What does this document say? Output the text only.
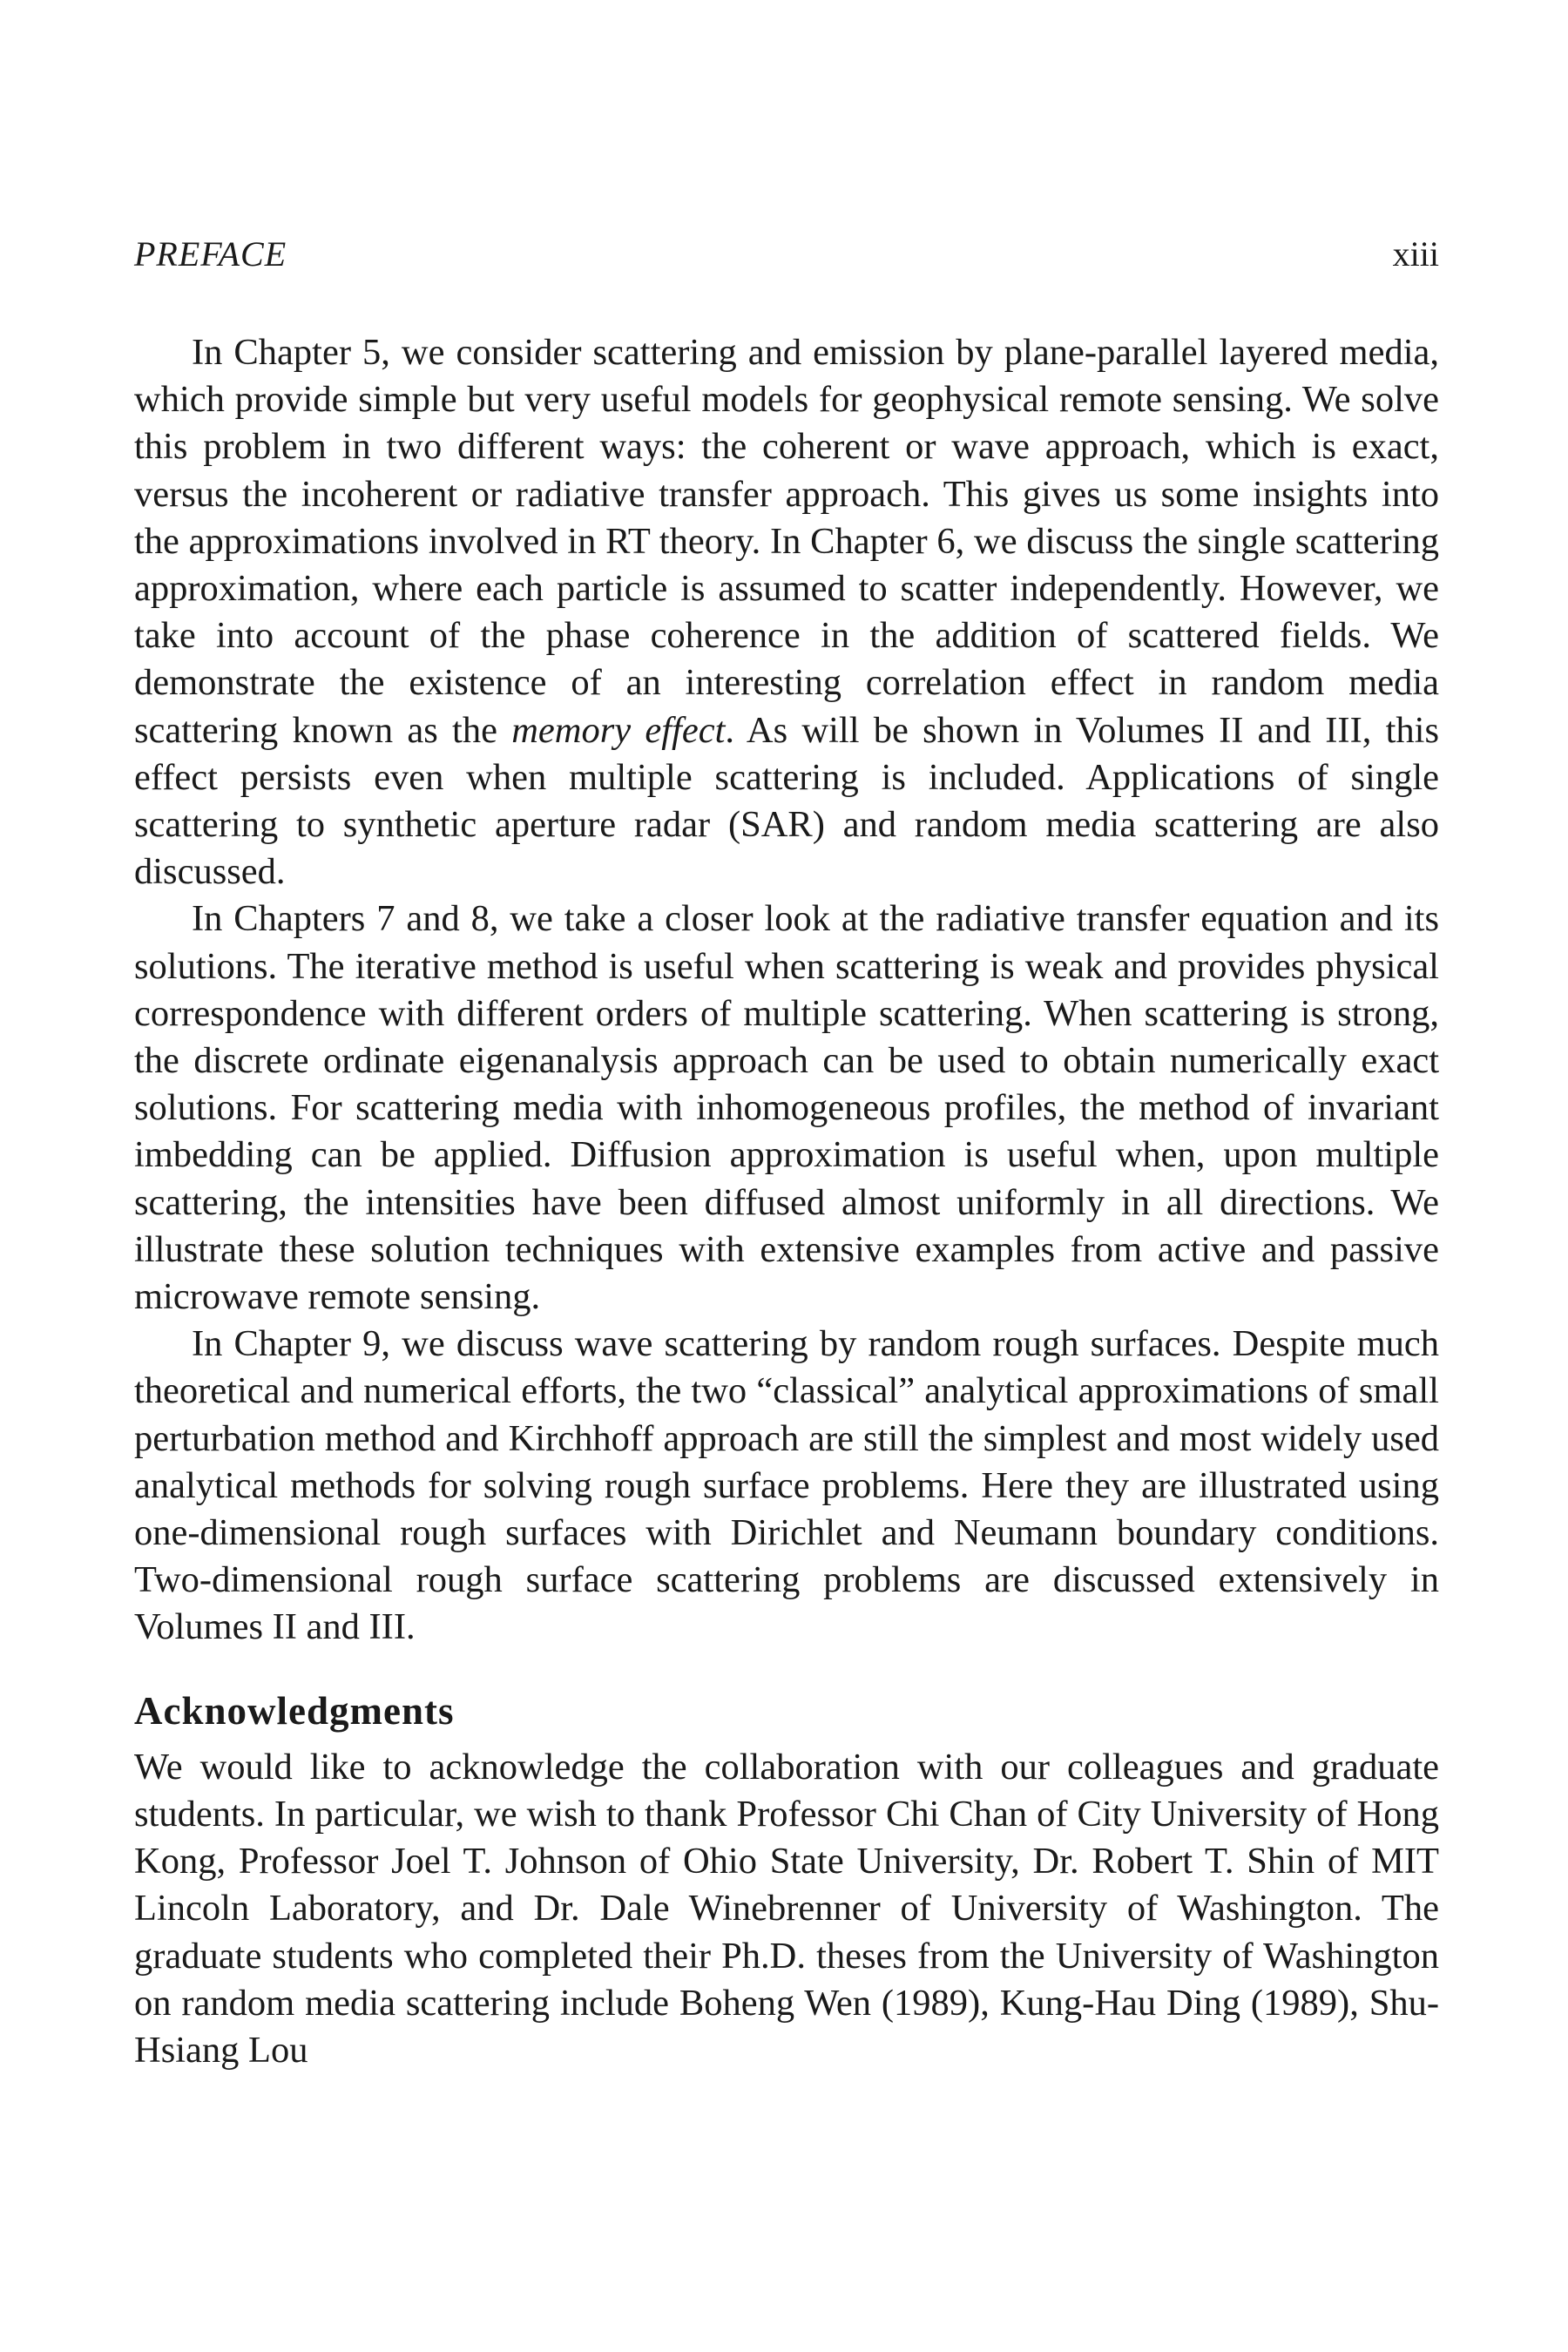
PREFACE	xiii

In Chapter 5, we consider scattering and emission by plane-parallel layered media, which provide simple but very useful models for geophysical remote sensing. We solve this problem in two different ways: the coherent or wave approach, which is exact, versus the incoherent or radiative transfer approach. This gives us some insights into the approximations involved in RT theory. In Chapter 6, we discuss the single scattering approximation, where each particle is assumed to scatter independently. However, we take into account of the phase coherence in the addition of scattered fields. We demonstrate the existence of an interesting correlation effect in random media scattering known as the memory effect. As will be shown in Volumes II and III, this effect persists even when multiple scattering is included. Applications of single scattering to synthetic aperture radar (SAR) and random media scattering are also discussed.

In Chapters 7 and 8, we take a closer look at the radiative transfer equation and its solutions. The iterative method is useful when scattering is weak and provides physical correspondence with different orders of multiple scattering. When scattering is strong, the discrete ordinate eigenanalysis approach can be used to obtain numerically exact solutions. For scattering media with inhomogeneous profiles, the method of invariant imbedding can be applied. Diffusion approximation is useful when, upon multiple scattering, the intensities have been diffused almost uniformly in all directions. We illustrate these solution techniques with extensive examples from active and passive microwave remote sensing.

In Chapter 9, we discuss wave scattering by random rough surfaces. Despite much theoretical and numerical efforts, the two “classical” analytical approximations of small perturbation method and Kirchhoff approach are still the simplest and most widely used analytical methods for solving rough surface problems. Here they are illustrated using one-dimensional rough surfaces with Dirichlet and Neumann boundary conditions. Two-dimensional rough surface scattering problems are discussed extensively in Volumes II and III.

Acknowledgments

We would like to acknowledge the collaboration with our colleagues and graduate students. In particular, we wish to thank Professor Chi Chan of City University of Hong Kong, Professor Joel T. Johnson of Ohio State University, Dr. Robert T. Shin of MIT Lincoln Laboratory, and Dr. Dale Winebrenner of University of Washington. The graduate students who completed their Ph.D. theses from the University of Washington on random media scattering include Boheng Wen (1989), Kung-Hau Ding (1989), Shu-Hsiang Lou
